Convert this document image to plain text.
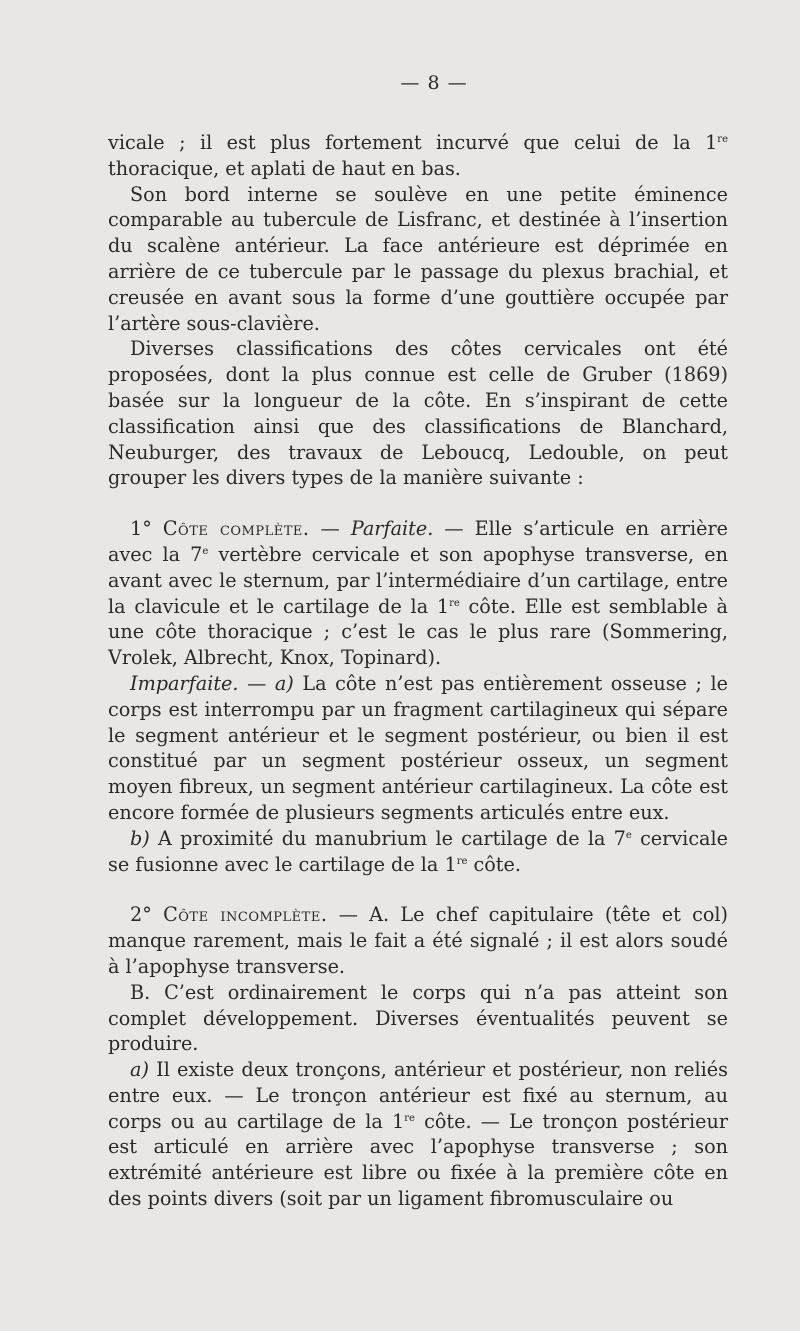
— 8 —

vicale ; il est plus fortement incurvé que celui de la 1re thoracique, et aplati de haut en bas.

Son bord interne se soulève en une petite éminence comparable au tubercule de Lisfranc, et destinée à l’insertion du scalène antérieur. La face antérieure est déprimée en arrière de ce tubercule par le passage du plexus brachial, et creusée en avant sous la forme d’une gouttière occupée par l’artère sous-clavière.

Diverses classifications des côtes cervicales ont été proposées, dont la plus connue est celle de Gruber (1869) basée sur la longueur de la côte. En s’inspirant de cette classification ainsi que des classifications de Blanchard, Neuburger, des travaux de Leboucq, Ledouble, on peut grouper les divers types de la manière suivante :

1° Côte complète. — Parfaite. — Elle s’articule en arrière avec la 7e vertèbre cervicale et son apophyse transverse, en avant avec le sternum, par l’intermédiaire d’un cartilage, entre la clavicule et le cartilage de la 1re côte. Elle est semblable à une côte thoracique ; c’est le cas le plus rare (Sommering, Vrolek, Albrecht, Knox, Topinard).

Imparfaite. — a) La côte n’est pas entièrement osseuse ; le corps est interrompu par un fragment cartilagineux qui sépare le segment antérieur et le segment postérieur, ou bien il est constitué par un segment postérieur osseux, un segment moyen fibreux, un segment antérieur cartilagineux. La côte est encore formée de plusieurs segments articulés entre eux.

b) A proximité du manubrium le cartilage de la 7e cervicale se fusionne avec le cartilage de la 1re côte.

2° Côte incomplète. — A. Le chef capitulaire (tête et col) manque rarement, mais le fait a été signalé ; il est alors soudé à l’apophyse transverse.

B. C’est ordinairement le corps qui n’a pas atteint son complet développement. Diverses éventualités peuvent se produire.

a) Il existe deux tronçons, antérieur et postérieur, non reliés entre eux. — Le tronçon antérieur est fixé au sternum, au corps ou au cartilage de la 1re côte. — Le tronçon postérieur est articulé en arrière avec l’apophyse transverse ; son extrémité antérieure est libre ou fixée à la première côte en des points divers (soit par un ligament fibromusculaire ou
